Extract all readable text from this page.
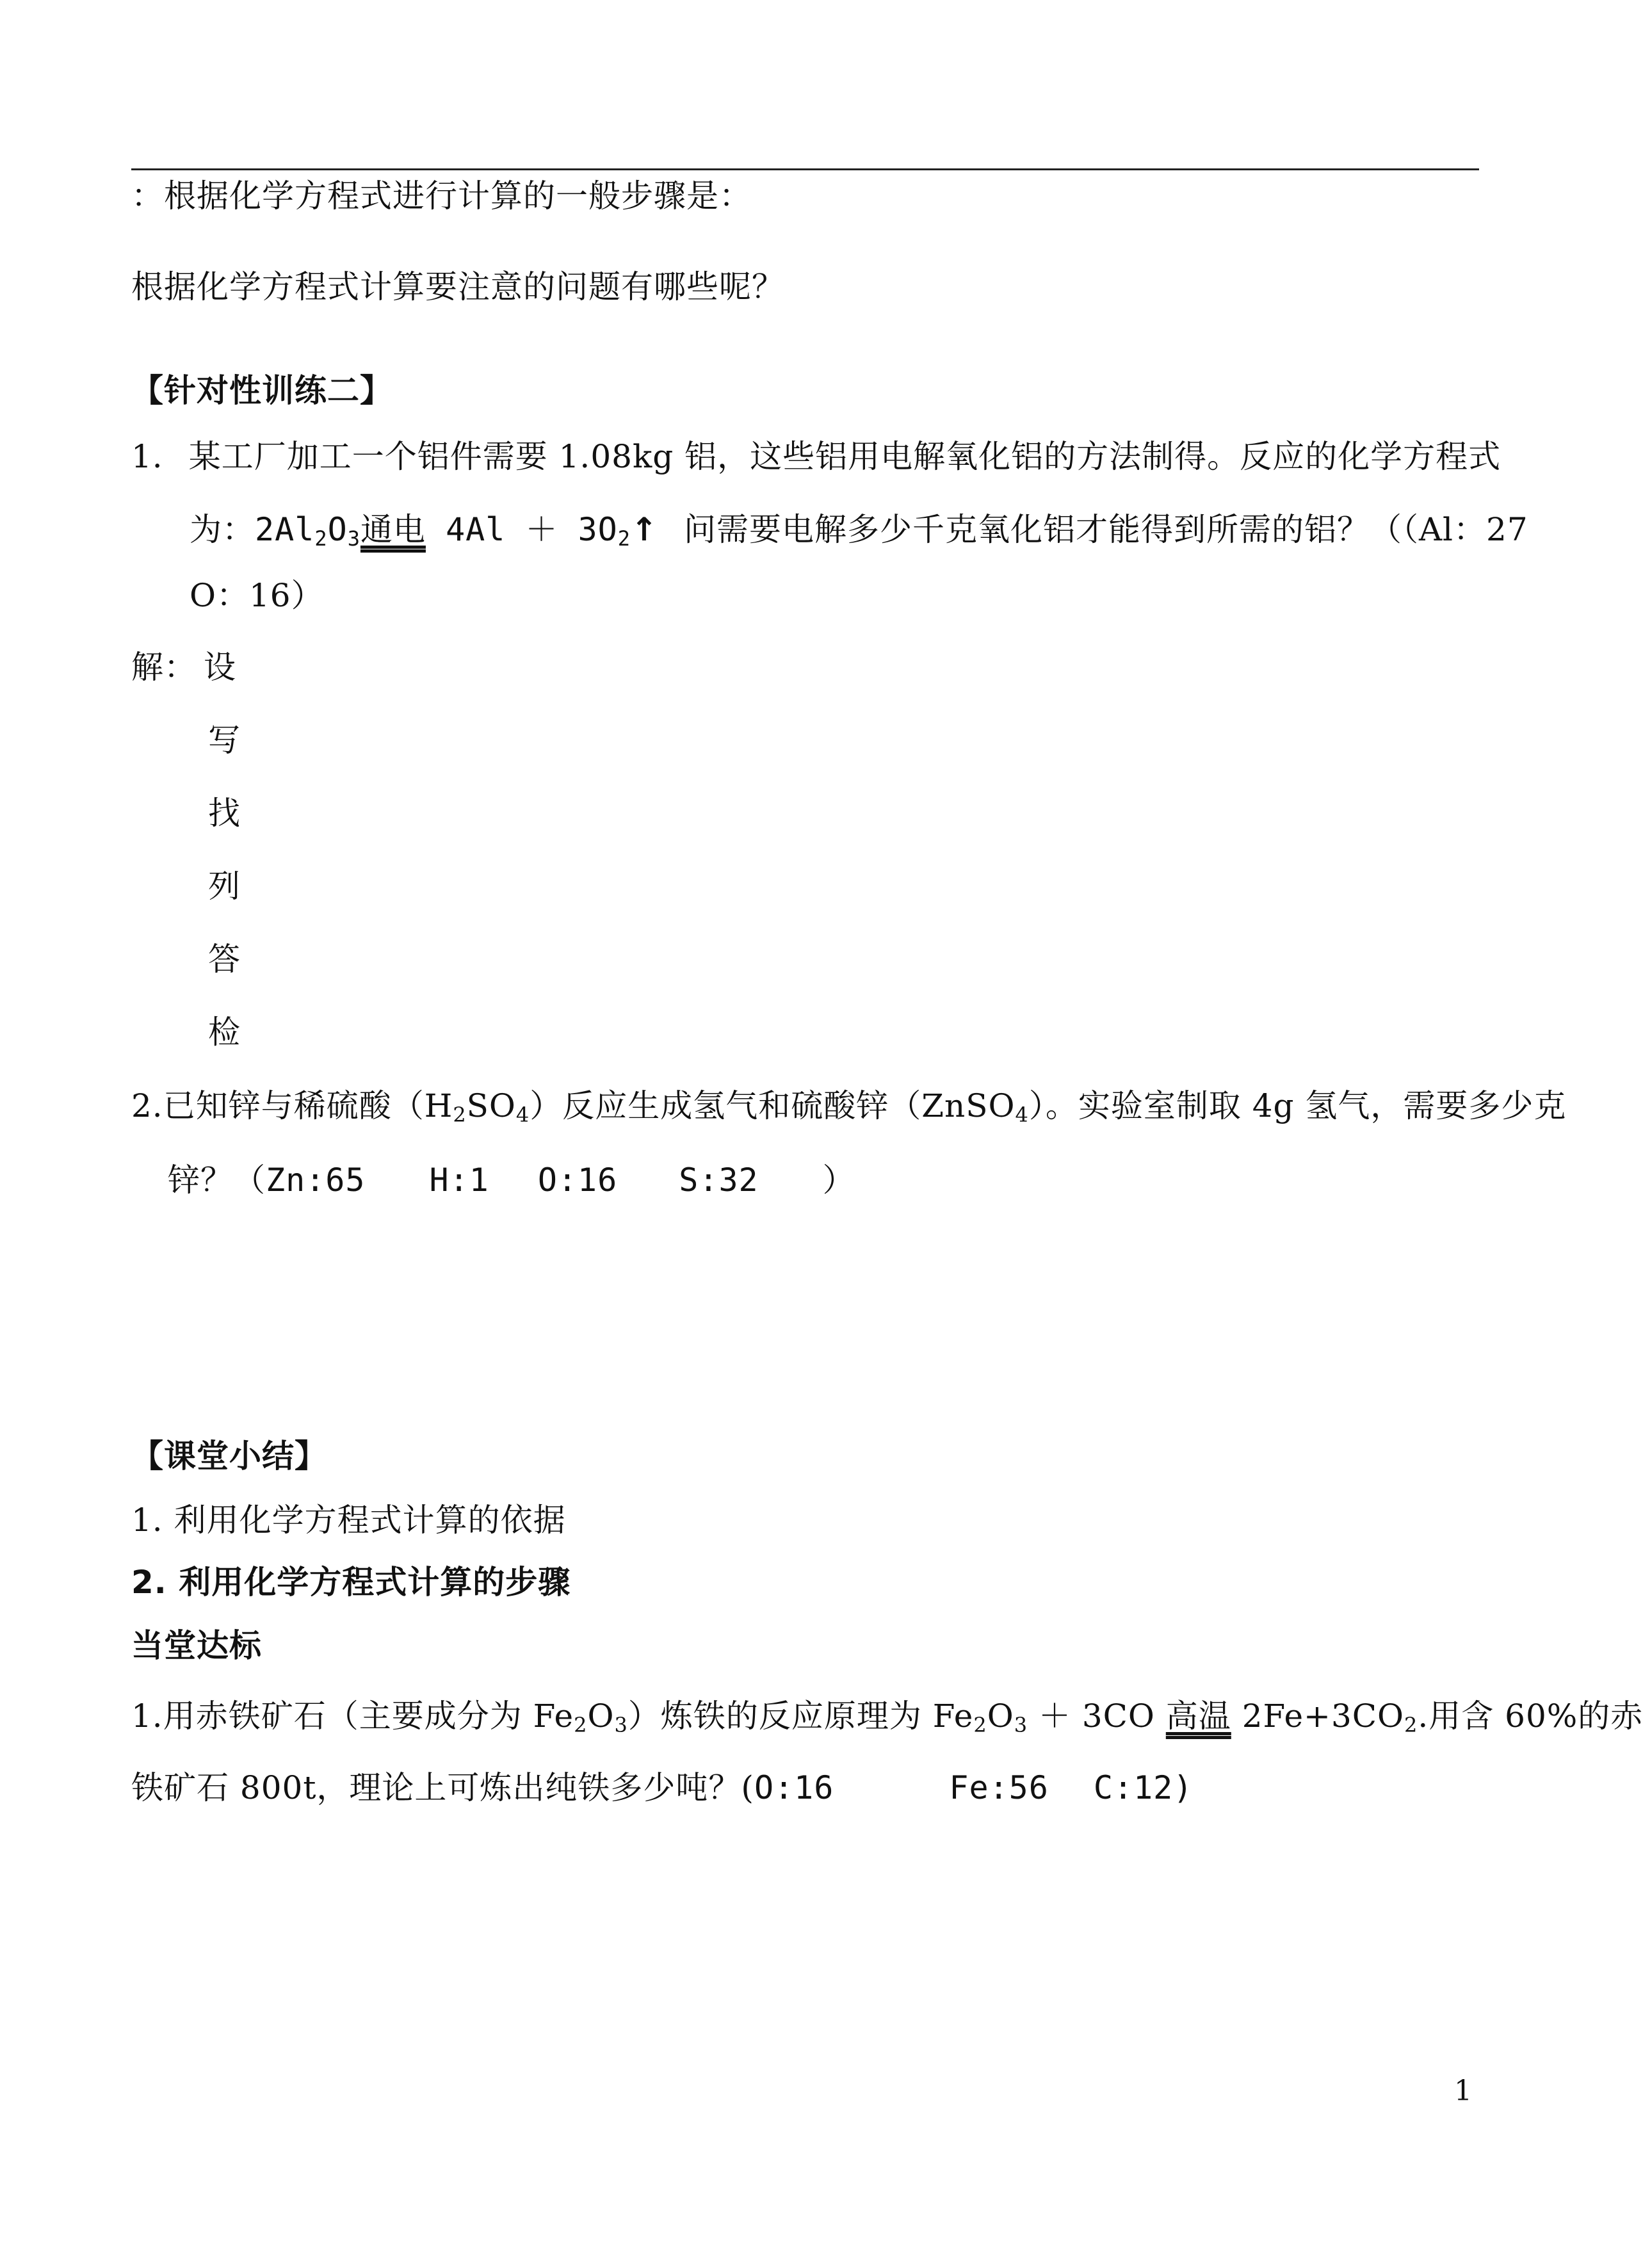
：根据化学方程式进行计算的一般步骤是：
根据化学方程式计算要注意的问题有哪些呢？
【针对性训练二】
1. 某工厂加工一个铝件需要 1.08kg 铝，这些铝用电解氧化铝的方法制得。反应的化学方程式
为：$2Al_2O_3$通电 $4Al + 3O_2↑$ 问需要电解多少千克氧化铝才能得到所需的铝？（（Al：27
O：16）
解： 设
写
找
列
答
检
2.已知锌与稀硫酸$(H_2SO_4)$反应生成氢气和硫酸锌（ZnSO$_4$）。实验室制取 4g 氢气，需要多少克
锌？（Zn:65 H:1 O:16 S:32 ）
【课堂小结】
1. 利用化学方程式计算的依据
2. 利用化学方程式计算的步骤
当堂达标
1.用赤铁矿石（主要成分为 $Fe_2O_3$）炼铁的反应原理为 $Fe_2O_3 + 3CO$ 高温 $2Fe+3CO_2$.用含 60%的赤
铁矿石 800t，理论上可炼出纯铁多少吨？(O:16	Fe:56 C:12)
1
